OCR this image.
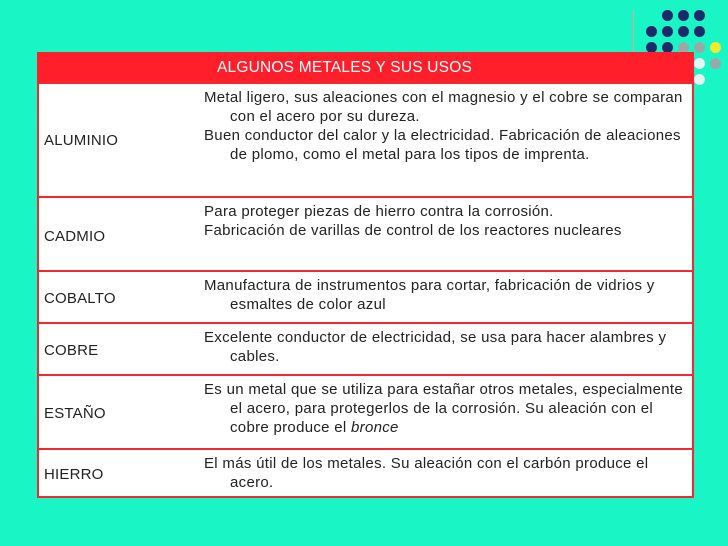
ALGUNOS METALES Y SUS USOS
ALUMINIO

Metal ligero, sus aleaciones con el magnesio y el cobre se comparan con el acero por su dureza.

Buen conductor del calor y la electricidad. Fabricación de aleaciones de plomo, como el metal para los tipos de imprenta.

CADMIO

Para proteger piezas de hierro contra la corrosión.

Fabricación de varillas de control de los reactores nucleares

COBALTO

Manufactura de instrumentos para cortar, fabricación de vidrios y esmaltes de color azul

COBRE

Excelente conductor de electricidad, se usa para hacer alambres y cables.

ESTAÑO

Es un metal que se utiliza para estañar otros metales, especialmente el acero, para protegerlos de la corrosión. Su aleación con el cobre produce el bronce

HIERRO

El más útil de los metales. Su aleación con el carbón produce el acero.
